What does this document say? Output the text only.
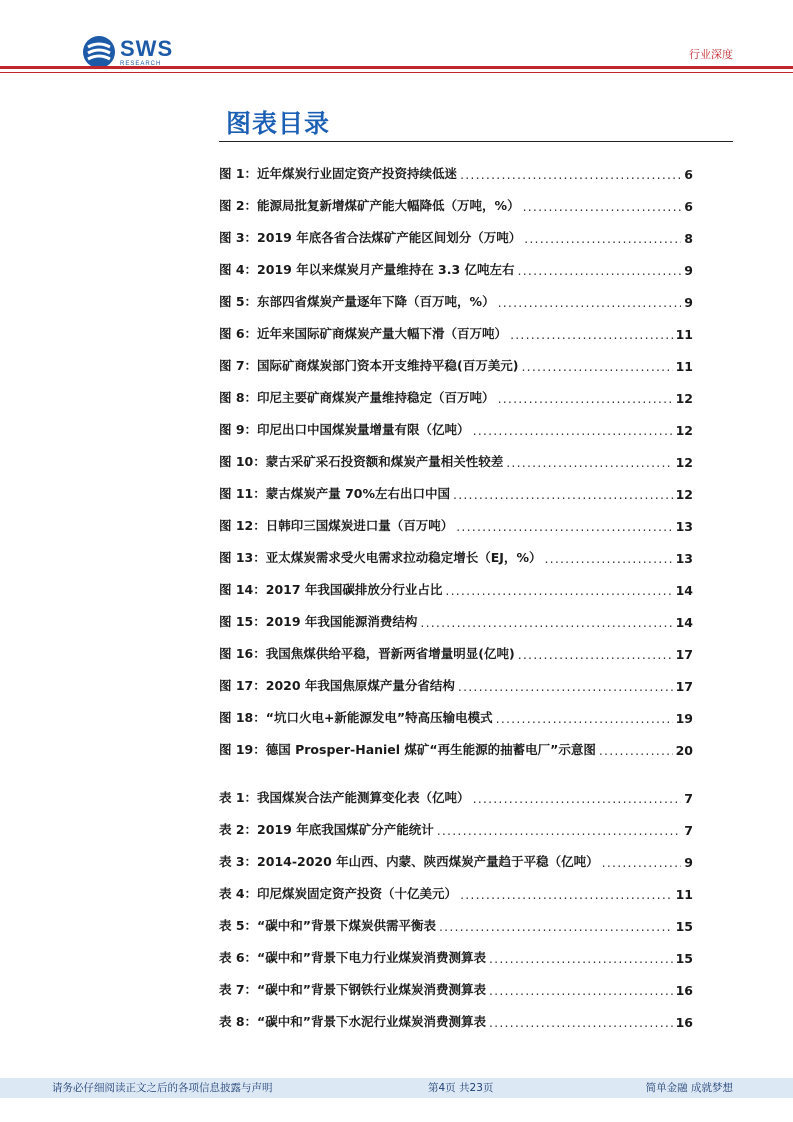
SWS
RESEARCH
行业深度
图表目录
图 1：近年煤炭行业固定资产投资持续低迷 .....	6
图 2：能源局批复新增煤矿产能大幅降低（万吨，%） .....	6
图 3：2019 年底各省合法煤矿产能区间划分（万吨） .....	8
图 4：2019 年以来煤炭月产量维持在 3.3 亿吨左右 .....	9
图 5：东部四省煤炭产量逐年下降（百万吨，%） .....	9
图 6：近年来国际矿商煤炭产量大幅下滑（百万吨） .....	11
图 7：国际矿商煤炭部门资本开支维持平稳(百万美元) .....	11
图 8：印尼主要矿商煤炭产量维持稳定（百万吨） .....	12
图 9：印尼出口中国煤炭量增量有限（亿吨） .....	12
图 10：蒙古采矿采石投资额和煤炭产量相关性较差 .....	12
图 11：蒙古煤炭产量 70%左右出口中国 .....	12
图 12：日韩印三国煤炭进口量（百万吨） .....	13
图 13：亚太煤炭需求受火电需求拉动稳定增长（EJ，%） .....	13
图 14：2017 年我国碳排放分行业占比 .....	14
图 15：2019 年我国能源消费结构 .....	14
图 16：我国焦煤供给平稳，晋新两省增量明显(亿吨) .....	17
图 17：2020 年我国焦原煤产量分省结构 .....	17
图 18：“坑口火电+新能源发电”特高压输电模式 .....	19
图 19：德国 Prosper-Haniel 煤矿“再生能源的抽蓄电厂”示意图 .....	20
表 1：我国煤炭合法产能测算变化表（亿吨） .....	7
表 2：2019 年底我国煤矿分产能统计 .....	7
表 3：2014-2020 年山西、内蒙、陕西煤炭产量趋于平稳（亿吨） .....	9
表 4：印尼煤炭固定资产投资（十亿美元） .....	11
表 5：“碳中和”背景下煤炭供需平衡表 .....	15
表 6：“碳中和”背景下电力行业煤炭消费测算表 .....	15
表 7：“碳中和”背景下钢铁行业煤炭消费测算表 .....	16
表 8：“碳中和”背景下水泥行业煤炭消费测算表 .....	16
请务必仔细阅读正文之后的各项信息披露与声明	第4页 共23页	简单金融 成就梦想
